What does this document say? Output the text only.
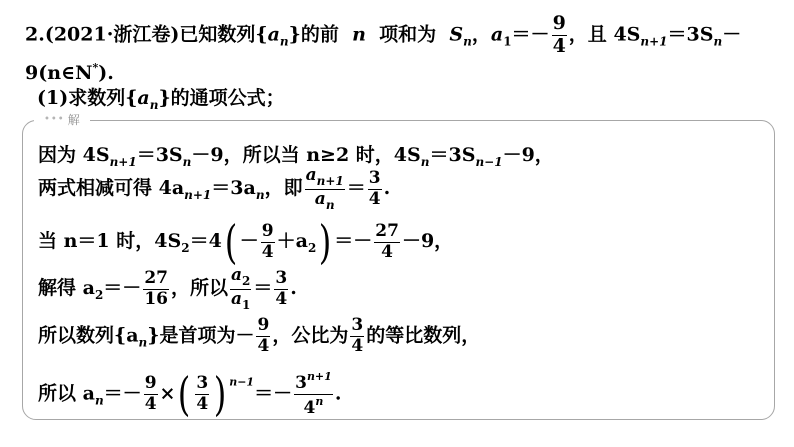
2.(2021·浙江卷)已知数列$\{a_n\}$的前 n 项和为 $S_n$，$a_1=- \frac{9}{4}$ ，且 $4S_{n+1}=3S_n-$
9(n∈N*).
(1)求数列$\{a_n\}$的通项公式；
••• 解
因为 $4S_{n+1}=3S_n-9$，所以当 n≥2 时，$4S_n=3S_{n-1}-9$，
两式相减可得 $4a_{n+1}=3a_n$，即 $\frac{a_{n+1}}{a_n} = \frac{3}{4}$ .
当 n＝1 时，$4S_2=4( - \frac{9}{4} +a_2) =- \frac{27}{4} -9$，
解得 $a_2=- \frac{27}{16}$ ，所以 $\frac{a_2}{a_1} = \frac{3}{4}$ .
所以数列$\{a_n\}$是首项为－ $\frac{9}{4}$ ，公比为 $\frac{3}{4}$ 的等比数列，
所以 $a_n=- \frac{9}{4}$ ×( $\frac{3}{4}$ ) $^{n-1}=- \frac{3^{n+1}}{4^n}$ .
